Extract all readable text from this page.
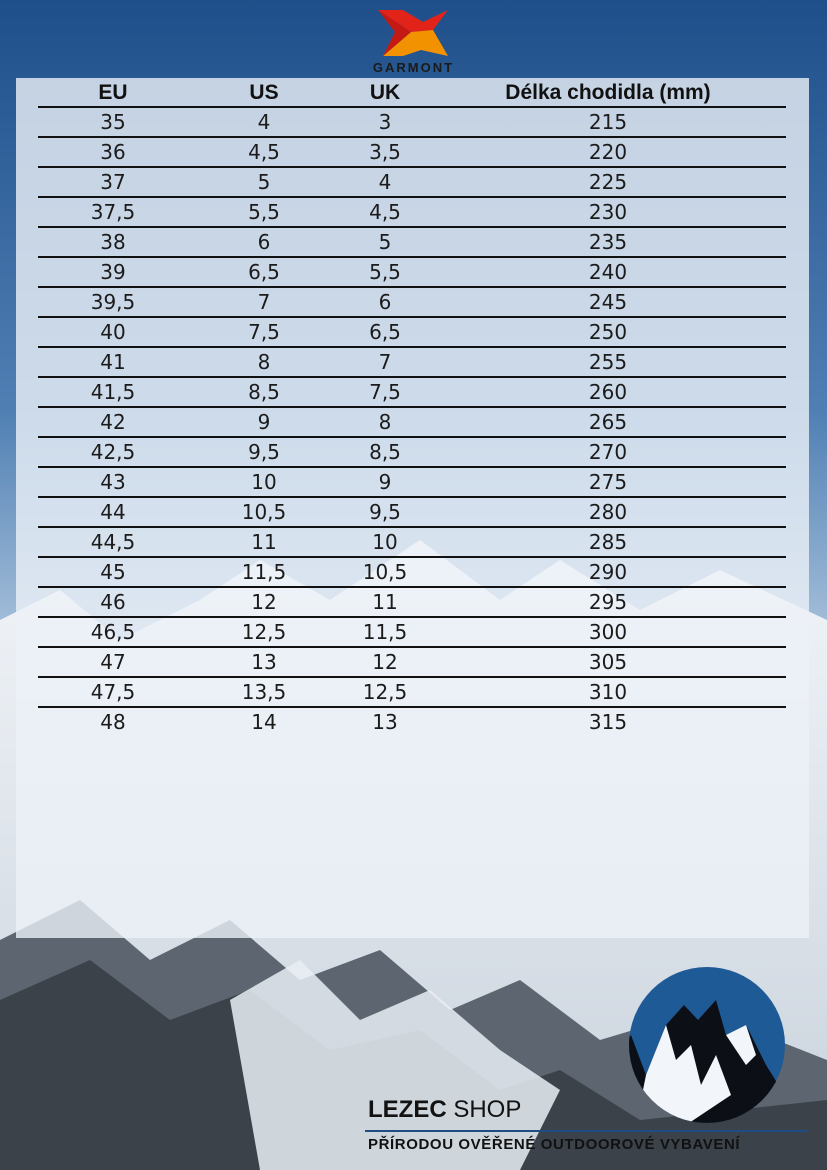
GARMONT
EU	US	UK	Délka chodidla (mm)
35	4	3	215
36	4,5	3,5	220
37	5	4	225
37,5	5,5	4,5	230
38	6	5	235
39	6,5	5,5	240
39,5	7	6	245
40	7,5	6,5	250
41	8	7	255
41,5	8,5	7,5	260
42	9	8	265
42,5	9,5	8,5	270
43	10	9	275
44	10,5	9,5	280
44,5	11	10	285
45	11,5	10,5	290
46	12	11	295
46,5	12,5	11,5	300
47	13	12	305
47,5	13,5	12,5	310
48	14	13	315
LEZEC SHOP
PŘÍRODOU OVĚŘENÉ OUTDOOROVÉ VYBAVENÍ
